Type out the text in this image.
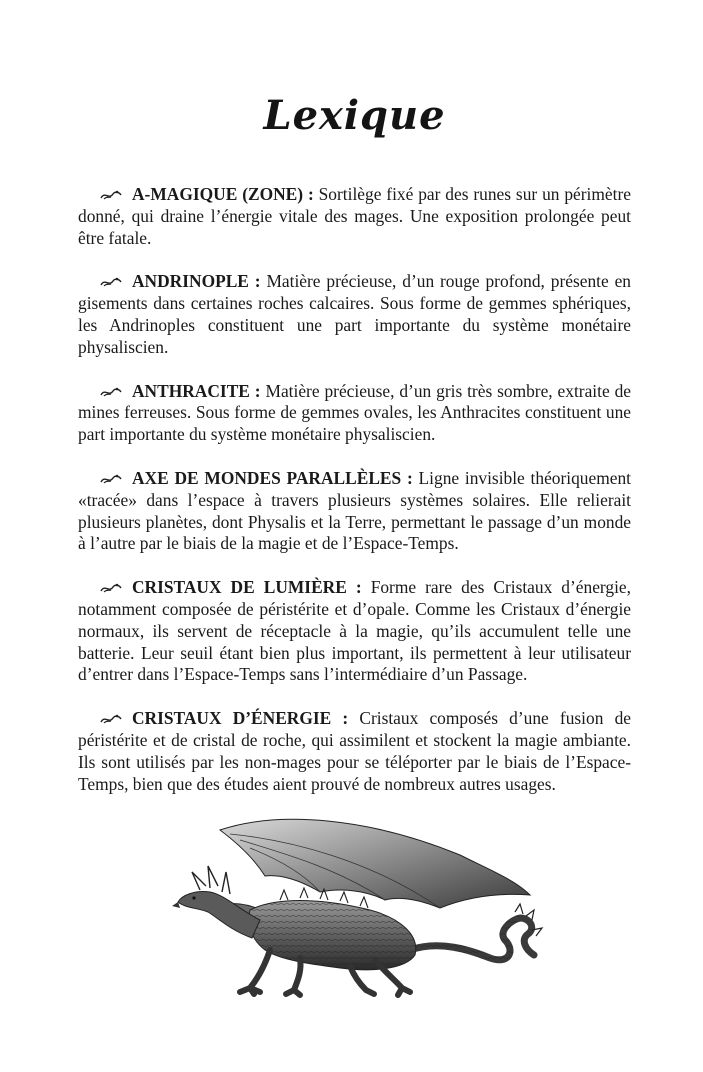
Lexique

A-MAGIQUE (ZONE) : Sortilège fixé par des runes sur un périmètre donné, qui draine l’énergie vitale des mages. Une exposition prolongée peut être fatale.

ANDRINOPLE : Matière précieuse, d’un rouge profond, présente en gisements dans certaines roches calcaires. Sous forme de gemmes sphériques, les Andrinoples constituent une part importante du système monétaire physaliscien.

ANTHRACITE : Matière précieuse, d’un gris très sombre, extraite de mines ferreuses. Sous forme de gemmes ovales, les Anthracites constituent une part importante du système monétaire physaliscien.

AXE DE MONDES PARALLÈLES : Ligne invisible théoriquement «tracée» dans l’espace à travers plusieurs systèmes solaires. Elle relierait plusieurs planètes, dont Physalis et la Terre, permettant le passage d’un monde à l’autre par le biais de la magie et de l’Espace-Temps.

CRISTAUX DE LUMIÈRE : Forme rare des Cristaux d’énergie, notamment composée de péristérite et d’opale. Comme les Cristaux d’énergie normaux, ils servent de réceptacle à la magie, qu’ils accumulent telle une batterie. Leur seuil étant bien plus important, ils permettent à leur utilisateur d’entrer dans l’Espace-Temps sans l’intermédiaire d’un Passage.

CRISTAUX D’ÉNERGIE : Cristaux composés d’une fusion de péristérite et de cristal de roche, qui assimilent et stockent la magie ambiante. Ils sont utilisés par les non-mages pour se téléporter par le biais de l’Espace-Temps, bien que des études aient prouvé de nombreux autres usages.
